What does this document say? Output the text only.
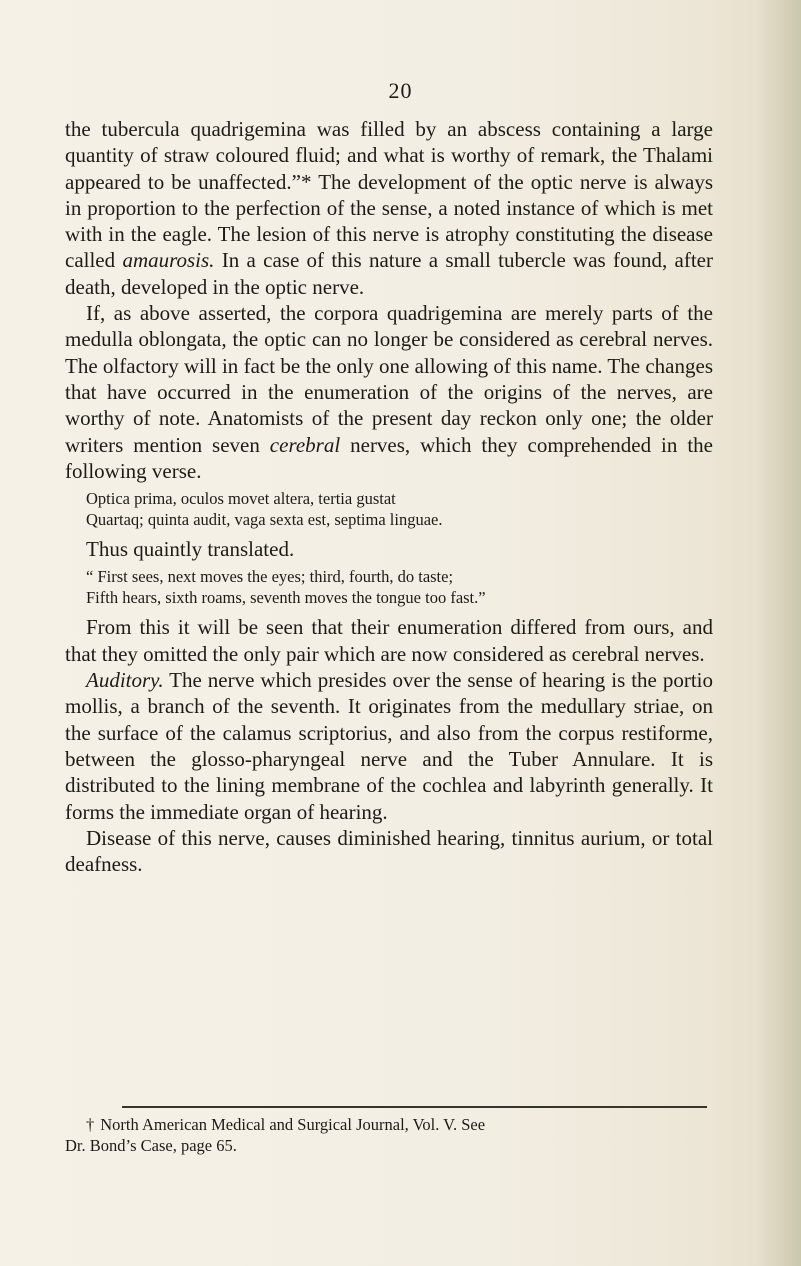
20

the tubercula quadrigemina was filled by an abscess containing a large quantity of straw coloured fluid; and what is worthy of remark, the Thalami appeared to be unaffected.”* The development of the optic nerve is always in proportion to the perfection of the sense, a noted instance of which is met with in the eagle. The lesion of this nerve is atrophy constituting the disease called amaurosis. In a case of this nature a small tubercle was found, after death, developed in the optic nerve.

If, as above asserted, the corpora quadrigemina are merely parts of the medulla oblongata, the optic can no longer be considered as cerebral nerves. The olfactory will in fact be the only one allowing of this name. The changes that have occurred in the enumeration of the origins of the nerves, are worthy of note. Anatomists of the present day reckon only one; the older writers mention seven cerebral nerves, which they comprehended in the following verse.

Optica prima, oculos movet altera, tertia gustat
Quartaq; quinta audit, vaga sexta est, septima linguae.

Thus quaintly translated.

“ First sees, next moves the eyes; third, fourth, do taste;
Fifth hears, sixth roams, seventh moves the tongue too fast.”

From this it will be seen that their enumeration differed from ours, and that they omitted the only pair which are now considered as cerebral nerves.

Auditory. The nerve which presides over the sense of hearing is the portio mollis, a branch of the seventh. It originates from the medullary striae, on the surface of the calamus scriptorius, and also from the corpus restiforme, between the glosso-pharyngeal nerve and the Tuber Annulare. It is distributed to the lining membrane of the cochlea and labyrinth generally. It forms the immediate organ of hearing.

Disease of this nerve, causes diminished hearing, tinnitus aurium, or total deafness.

† North American Medical and Surgical Journal, Vol. V. See
Dr. Bond’s Case, page 65.
